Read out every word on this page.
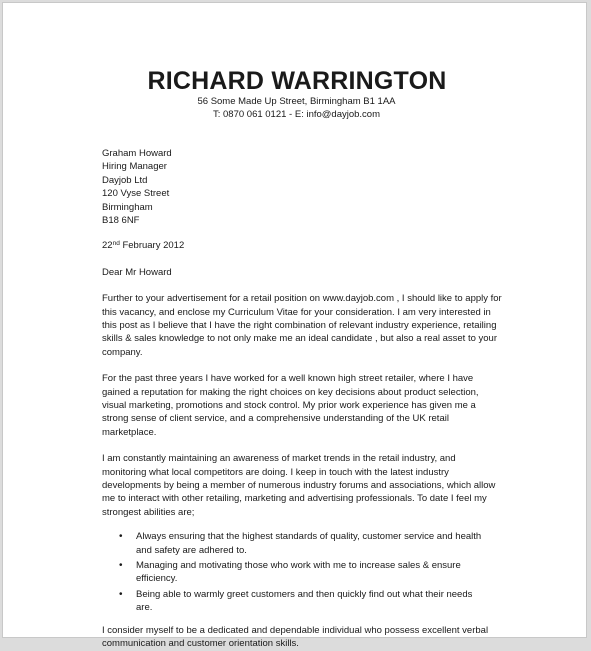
RICHARD WARRINGTON
56 Some Made Up Street, Birmingham B1 1AA
T: 0870 061 0121 - E: info@dayjob.com
Graham Howard
Hiring Manager
Dayjob Ltd
120 Vyse Street
Birmingham
B18 6NF
22nd February 2012
Dear Mr Howard
Further to your advertisement for a retail position on www.dayjob.com , I should like to apply for this vacancy, and enclose my Curriculum Vitae for your consideration. I am very interested in this post as I believe that I have the right combination of relevant industry experience, retailing skills & sales knowledge to not only make me an ideal candidate , but also a real asset to your company.
For the past three years I have worked for a well known high street retailer, where I have gained a reputation for making the right choices on key decisions about product selection, visual marketing, promotions and stock control. My prior work experience has given me a strong sense of client service, and a comprehensive understanding of the UK retail marketplace.
I am constantly maintaining an awareness of market trends in the retail industry, and monitoring what local competitors are doing. I keep in touch with the latest industry developments by being a member of numerous industry forums and associations, which allow me to interact with other retailing, marketing and advertising professionals. To date I feel my strongest abilities are;
• Always ensuring that the highest standards of quality, customer service and health and safety are adhered to.
• Managing and motivating those who work with me to increase sales & ensure efficiency.
• Being able to warmly greet customers and then quickly find out what their needs are.
I consider myself to be a dedicated and dependable individual who possess excellent verbal communication and customer orientation skills.
